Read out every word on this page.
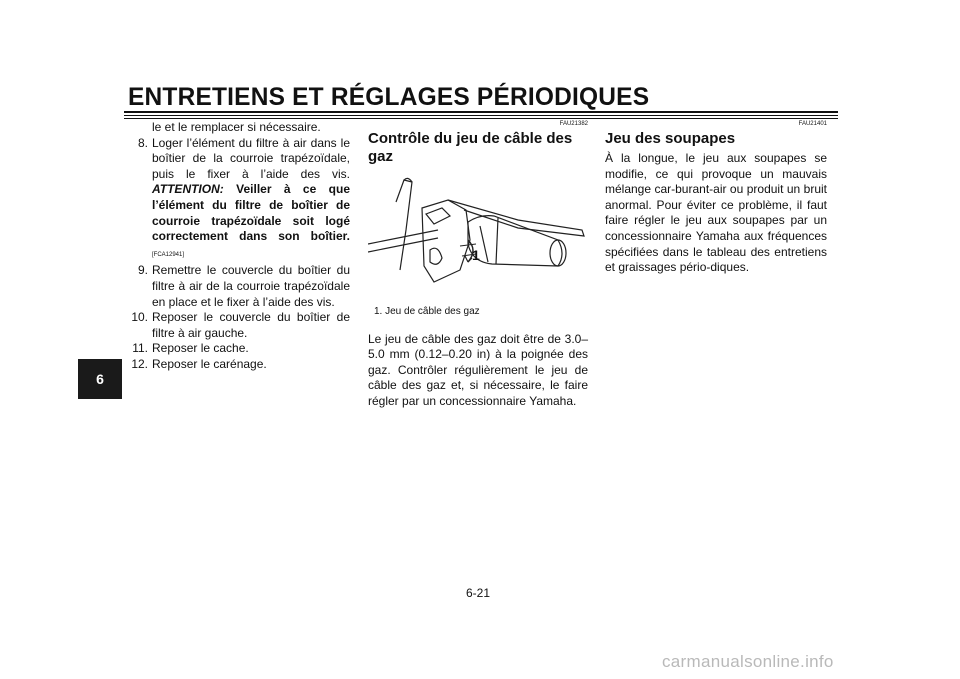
ENTRETIENS ET RÉGLAGES PÉRIODIQUES
6
le et le remplacer si nécessaire.
8. Loger l’élément du filtre à air dans le boîtier de la courroie trapézoïdale, puis le fixer à l’aide des vis. ATTENTION: Veiller à ce que l’élément du filtre de boîtier de courroie trapézoïdale soit logé correctement dans son boîtier.[FCA12941]
9. Remettre le couvercle du boîtier du filtre à air de la courroie trapézoïdale en place et le fixer à l’aide des vis.
10. Reposer le couvercle du boîtier de filtre à air gauche.
11. Reposer le cache.
12. Reposer le carénage.
FAU21382
Contrôle du jeu de câble des gaz
1
1. Jeu de câble des gaz
Le jeu de câble des gaz doit être de 3.0–5.0 mm (0.12–0.20 in) à la poignée des gaz. Contrôler régulièrement le jeu de câble des gaz et, si nécessaire, le faire régler par un concessionnaire Yamaha.
FAU21401
Jeu des soupapes
À la longue, le jeu aux soupapes se modifie, ce qui provoque un mauvais mélange car-burant-air ou produit un bruit anormal. Pour éviter ce problème, il faut faire régler le jeu aux soupapes par un concessionnaire Yamaha aux fréquences spécifiées dans le tableau des entretiens et graissages pério-diques.
6-21
carmanualsonline.info
